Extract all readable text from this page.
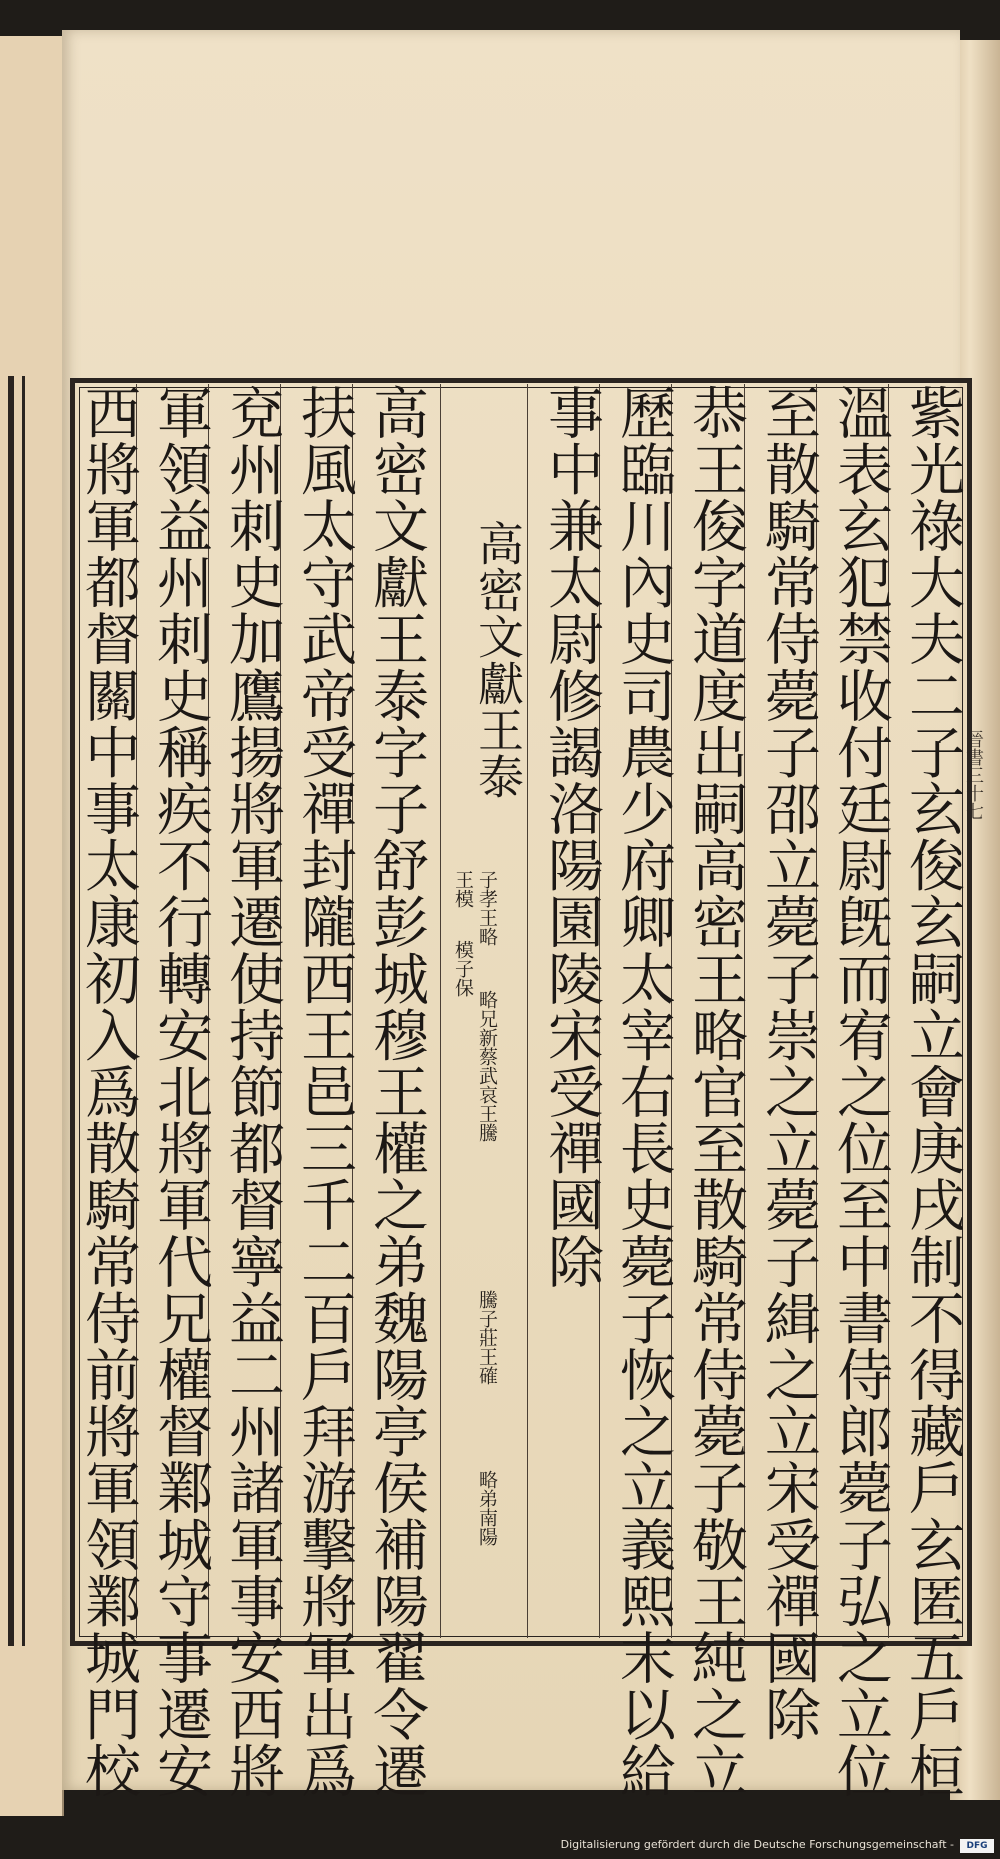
晉書三十七
紫光祿大夫二子玄俊玄嗣立會庚戌制不得藏戶玄匿五戶桓
溫表玄犯禁收付廷尉旣而宥之位至中書侍郎薨子弘之立位
至散騎常侍薨子邵立薨子崇之立薨子緝之立宋受禪國除
恭王俊字道度出嗣高密王略官至散騎常侍薨子敬王純之立
歷臨川內史司農少府卿太宰右長史薨子恢之立義熙末以給
事中兼太尉修謁洛陽園陵宋受禪國除
高密文獻王泰
子孝王略
略兄新蔡武哀王騰
騰子莊王確
略弟南陽
王模
模子保
高密文獻王泰字子舒彭城穆王權之弟魏陽亭侯補陽翟令遷
扶風太守武帝受禪封隴西王邑三千二百戶拜游擊將軍出爲
兗州刺史加鷹揚將軍遷使持節都督寧益二州諸軍事安西將
軍領益州刺史稱疾不行轉安北將軍代兄權督鄴城守事遷安
西將軍都督關中事太康初入爲散騎常侍前將軍領鄴城門校
Digitalisierung gefördert durch die Deutsche Forschungsgemeinschaft -	DFG
